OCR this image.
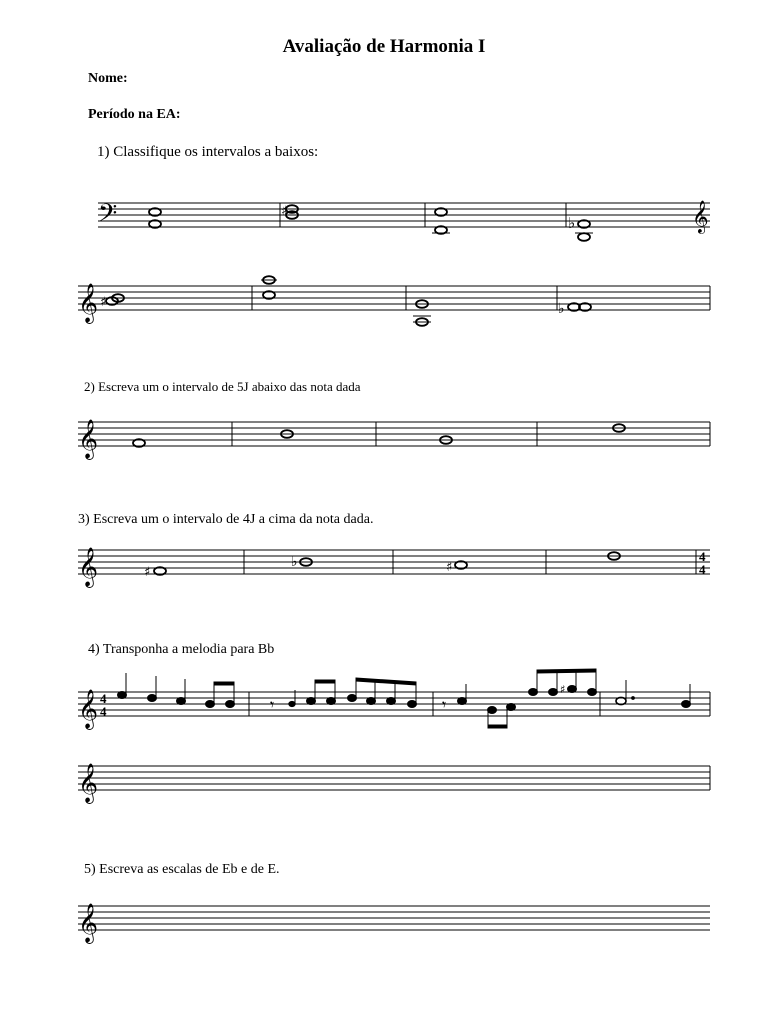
Avaliação de Harmonia I
Nome:
Período na EA:
1) Classifique os intervalos a baixos:
2) Escreva um o intervalo de 5J abaixo das nota dada
3) Escreva um o intervalo de 4J a cima da nota dada.
4) Transponha a melodia para Bb
5) Escreva as escalas de Eb e de E.
𝄢	𝄞
♯
♭
𝄞 ♯	♭
𝄞
𝄞	♯
♭	♯
4
4
𝄞 4
4	𝄾	𝄾
♯
𝄞
𝄞
